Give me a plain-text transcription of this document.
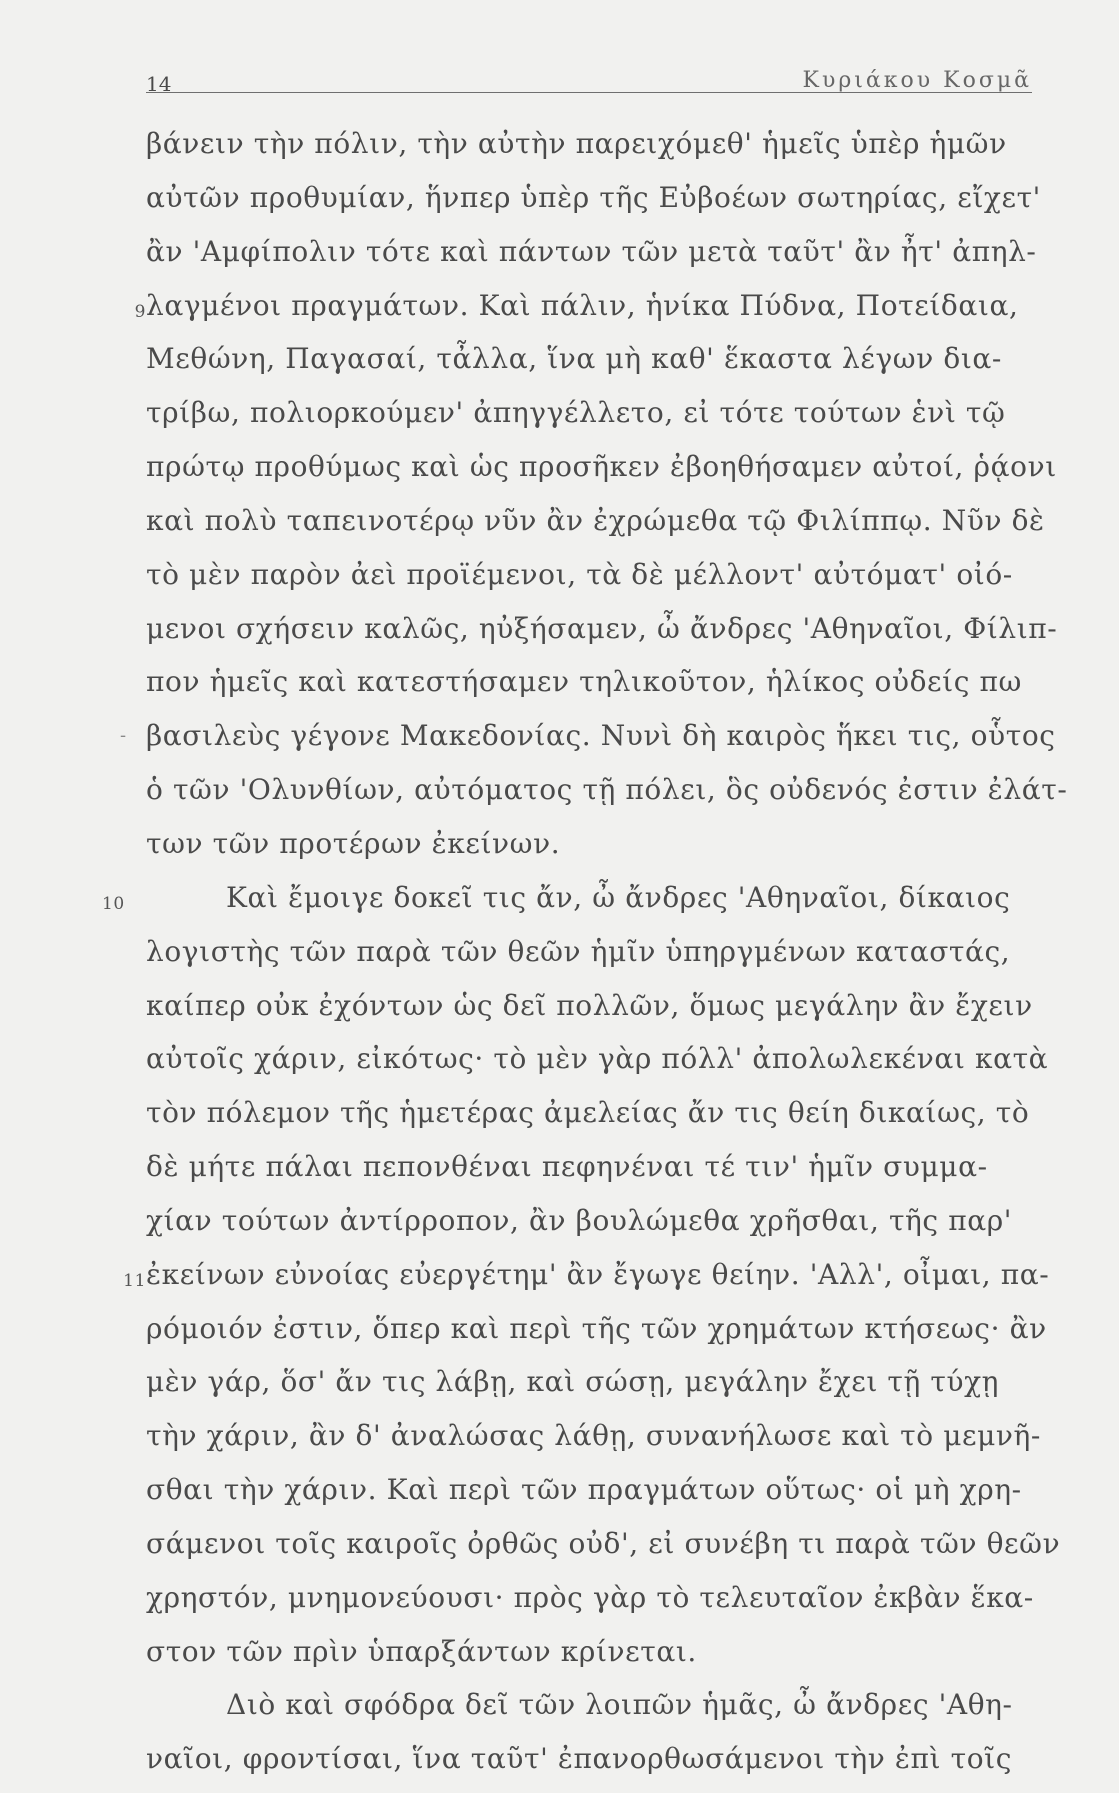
14	Κυριάκου Κοσμᾶ
βάνειν τὴν πόλιν, τὴν αὐτὴν παρειχόμεθ' ἡμεῖς ὑπὲρ ἡμῶν
αὐτῶν προθυμίαν, ἥνπερ ὑπὲρ τῆς Εὐβοέων σωτηρίας, εἴχετ'
ἂν 'Αμφίπολιν τότε καὶ πάντων τῶν μετὰ ταῦτ' ἂν ἦτ' ἀπηλ-
9 λαγμένοι πραγμάτων. Καὶ πάλιν, ἡνίκα Πύδνα, Ποτείδαια,
Μεθώνη, Παγασαί, τἆλλα, ἵνα μὴ καθ' ἕκαστα λέγων δια-
τρίβω, πολιορκούμεν' ἀπηγγέλλετο, εἰ τότε τούτων ἑνὶ τῷ
πρώτῳ προθύμως καὶ ὡς προσῆκεν ἐβοηθήσαμεν αὐτοί, ῥᾴονι
καὶ πολὺ ταπεινοτέρῳ νῦν ἂν ἐχρώμεθα τῷ Φιλίππῳ. Νῦν δὲ
τὸ μὲν παρὸν ἀεὶ προϊέμενοι, τὰ δὲ μέλλοντ' αὐτόματ' οἰό-
μενοι σχήσειν καλῶς, ηὐξήσαμεν, ὦ ἄνδρες 'Αθηναῖοι, Φίλιπ-
πον ἡμεῖς καὶ κατεστήσαμεν τηλικοῦτον, ἡλίκος οὐδείς πω
- βασιλεὺς γέγονε Μακεδονίας. Νυνὶ δὴ καιρὸς ἥκει τις, οὗτος
ὁ τῶν 'Ολυνθίων, αὐτόματος τῇ πόλει, ὃς οὐδενός ἐστιν ἐλάτ-
των τῶν προτέρων ἐκείνων.
10	Καὶ ἔμοιγε δοκεῖ τις ἄν, ὦ ἄνδρες 'Αθηναῖοι, δίκαιος
λογιστὴς τῶν παρὰ τῶν θεῶν ἡμῖν ὑπηργμένων καταστάς,
καίπερ οὐκ ἐχόντων ὡς δεῖ πολλῶν, ὅμως μεγάλην ἂν ἔχειν
αὐτοῖς χάριν, εἰκότως· τὸ μὲν γὰρ πόλλ' ἀπολωλεκέναι κατὰ
τὸν πόλεμον τῆς ἡμετέρας ἀμελείας ἄν τις θείη δικαίως, τὸ
δὲ μήτε πάλαι πεπονθέναι πεφηνέναι τέ τιν' ἡμῖν συμμα-
χίαν τούτων ἀντίρροπον, ἂν βουλώμεθα χρῆσθαι, τῆς παρ'
11 ἐκείνων εὐνοίας εὐεργέτημ' ἂν ἔγωγε θείην. 'Αλλ', οἶμαι, πα-
ρόμοιόν ἐστιν, ὅπερ καὶ περὶ τῆς τῶν χρημάτων κτήσεως· ἂν
μὲν γάρ, ὅσ' ἄν τις λάβῃ, καὶ σώσῃ, μεγάλην ἔχει τῇ τύχῃ
τὴν χάριν, ἂν δ' ἀναλώσας λάθῃ, συνανήλωσε καὶ τὸ μεμνῆ-
σθαι τὴν χάριν. Καὶ περὶ τῶν πραγμάτων οὕτως· οἱ μὴ χρη-
σάμενοι τοῖς καιροῖς ὀρθῶς οὐδ', εἰ συνέβη τι παρὰ τῶν θεῶν
χρηστόν, μνημονεύουσι· πρὸς γὰρ τὸ τελευταῖον ἐκβὰν ἕκα-
στον τῶν πρὶν ὑπαρξάντων κρίνεται.
Διὸ καὶ σφόδρα δεῖ τῶν λοιπῶν ἡμᾶς, ὦ ἄνδρες 'Αθη-
ναῖοι, φροντίσαι, ἵνα ταῦτ' ἐπανορθωσάμενοι τὴν ἐπὶ τοῖς
